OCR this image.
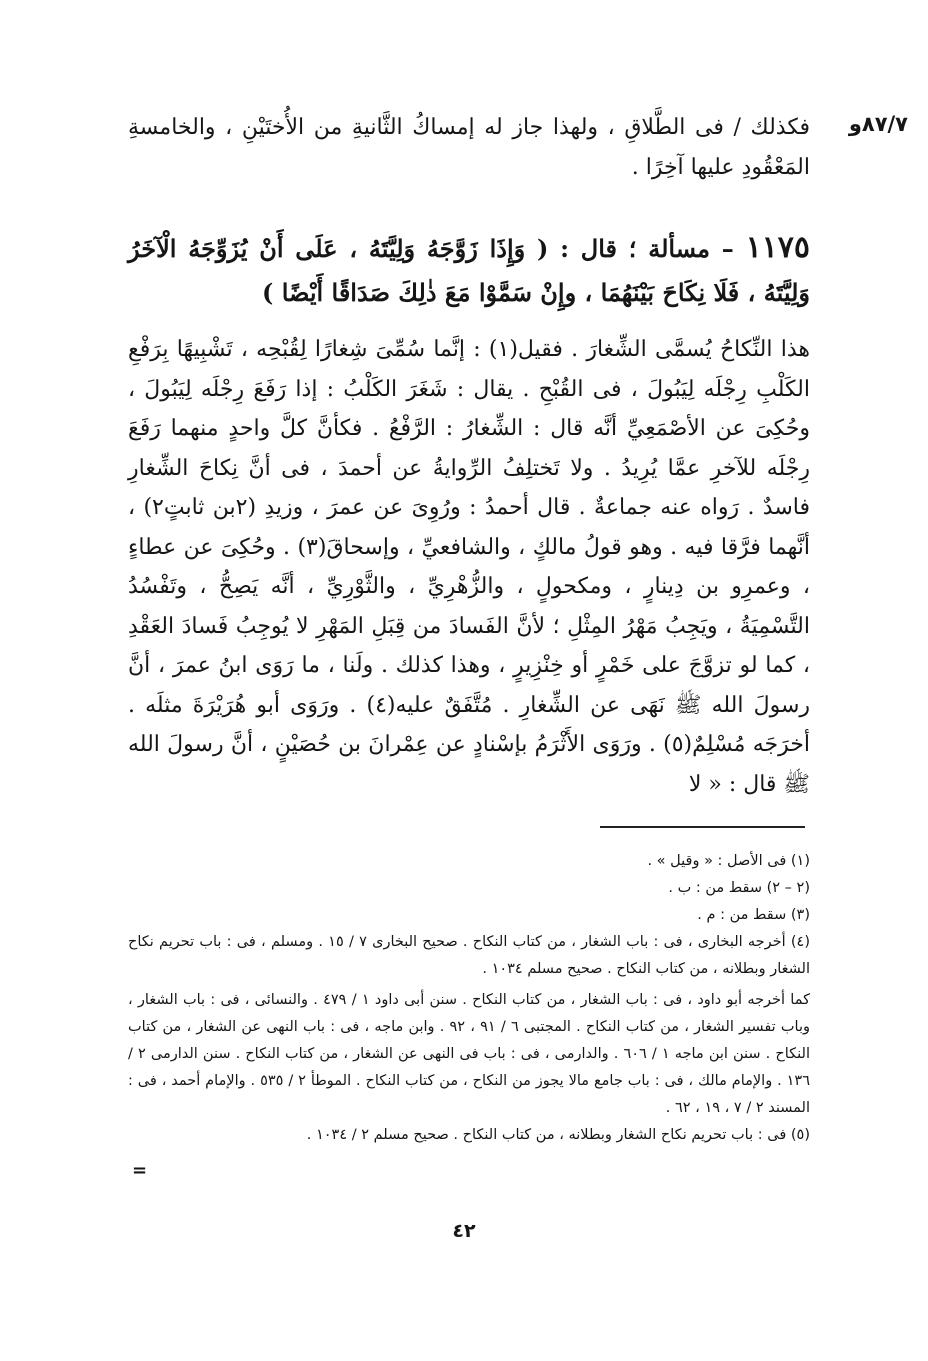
٨٧/٧و

فكذلك / فى الطَّلاقِ ، ولهذا جاز له إمساكُ الثَّانيةِ من الأُختَيْنِ ، والخامسةِ المَعْقُودِ عليها آخِرًا .

١١٧٥ – مسألة ؛ قال : ( وَإِذَا زَوَّجَهُ وَلِيَّتَهُ ، عَلَى أَنْ يُزَوِّجَهُ الْآخَرُ وَلِيَّتَهُ ، فَلَا نِكَاحَ بَيْنَهُمَا ، وإِنْ سَمَّوْا مَعَ ذٰلِكَ صَدَاقًا أَيْضًا )

هذا النِّكاحُ يُسمَّى الشِّغارَ . فقيل(١) : إنَّما سُمِّىَ شِغارًا لِقُبْحِه ، تَشْبِيهًا بِرَفْعِ الكَلْبِ رِجْلَه لِيَبُولَ ، فى القُبْحِ . يقال : شَغَرَ الكَلْبُ : إذا رَفَعَ رِجْلَه لِيَبُولَ ، وحُكِىَ عن الأصْمَعِيِّ أنَّه قال : الشِّغارُ : الرَّفْعُ . فكأنَّ كلَّ واحدٍ منهما رَفَعَ رِجْلَه للآخرِ عمَّا يُرِيدُ . ولا تَختلِفُ الرِّوايةُ عن أحمدَ ، فى أنَّ نِكاحَ الشِّغارِ فاسدٌ . رَواه عنه جماعةٌ . قال أحمدُ : ورُوِىَ عن عمرَ ، وزيدِ (٢بن ثابتٍ٢) ، أنَّهما فرَّقا فيه . وهو قولُ مالكٍ ، والشافعيِّ ، وإسحاقَ(٣) . وحُكِىَ عن عطاءٍ ، وعمرِو بن دِينارٍ ، ومكحولٍ ، والزُّهْرِيِّ ، والثَّوْرِيِّ ، أنَّه يَصِحُّ ، وتَفْسُدُ التَّسْمِيَةُ ، ويَجِبُ مَهْرُ المِثْلِ ؛ لأنَّ الفَسادَ من قِبَلِ المَهْرِ لا يُوجِبُ فَسادَ العَقْدِ ، كما لو تزوَّجَ على خَمْرٍ أو خِنْزِيرٍ ، وهذا كذلك . ولَنا ، ما رَوَى ابنُ عمرَ ، أنَّ رسولَ الله ﷺ نَهَى عن الشِّغارِ . مُتَّفَقٌ عليه(٤) . ورَوَى أبو هُرَيْرَةَ مثلَه . أخرَجَه مُسْلِمٌ(٥) . ورَوَى الأَثْرَمُ بإسْنادٍ عن عِمْرانَ بن حُصَيْنٍ ، أنَّ رسولَ الله ﷺ قال : « لا

(١) فى الأصل : « وقيل » .

(٢ – ٢) سقط من : ب .

(٣) سقط من : م .

(٤) أخرجه البخارى ، فى : باب الشغار ، من كتاب النكاح . صحيح البخارى ٧ / ١٥ . ومسلم ، فى : باب تحريم نكاح الشغار وبطلانه ، من كتاب النكاح . صحيح مسلم ١٠٣٤ .

كما أخرجه أبو داود ، فى : باب الشغار ، من كتاب النكاح . سنن أبى داود ١ / ٤٧٩ . والنسائى ، فى : باب الشغار ، وباب تفسير الشغار ، من كتاب النكاح . المجتبى ٦ / ٩١ ، ٩٢ . وابن ماجه ، فى : باب النهى عن الشغار ، من كتاب النكاح . سنن ابن ماجه ١ / ٦٠٦ . والدارمى ، فى : باب فى النهى عن الشغار ، من كتاب النكاح . سنن الدارمى ٢ / ١٣٦ . والإمام مالك ، فى : باب جامع مالا يجوز من النكاح ، من كتاب النكاح . الموطأ ٢ / ٥٣٥ . والإمام أحمد ، فى : المسند ٢ / ٧ ، ١٩ ، ٦٢ .

(٥) فى : باب تحريم نكاح الشغار وبطلانه ، من كتاب النكاح . صحيح مسلم ٢ / ١٠٣٤ .

=
٤٢
